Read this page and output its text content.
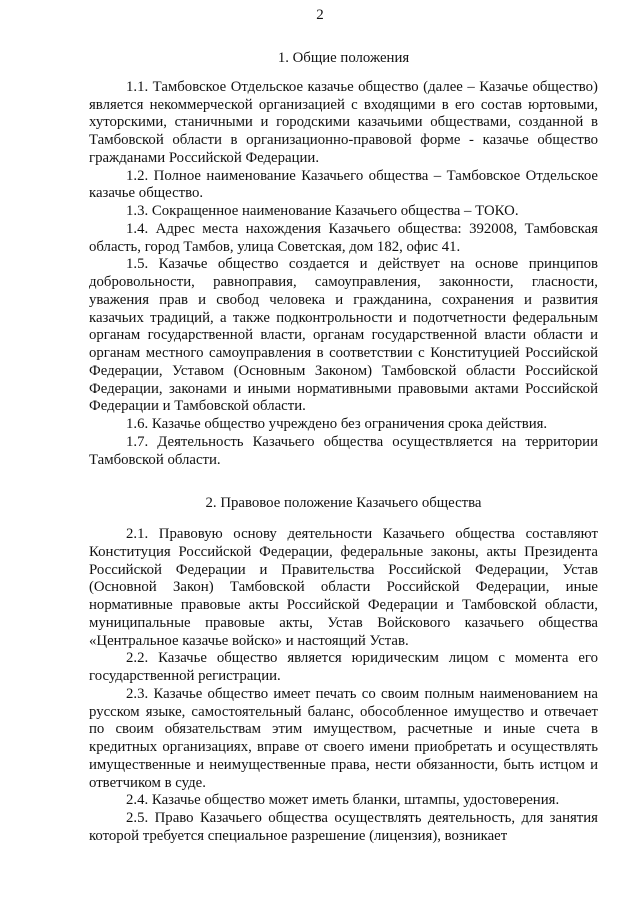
2

1. Общие положения

1.1. Тамбовское Отдельское казачье общество (далее – Казачье общество) является некоммерческой организацией с входящими в его состав юртовыми, хуторскими, станичными и городскими казачьими обществами, созданной в Тамбовской области в организационно-правовой форме - казачье общество гражданами Российской Федерации.

1.2. Полное наименование Казачьего общества – Тамбовское Отдельское казачье общество.

1.3. Сокращенное наименование Казачьего общества – ТОКО.

1.4. Адрес места нахождения Казачьего общества: 392008, Тамбовская область, город Тамбов, улица Советская, дом 182, офис 41.

1.5. Казачье общество создается и действует на основе принципов добровольности, равноправия, самоуправления, законности, гласности, уважения прав и свобод человека и гражданина, сохранения и развития казачьих традиций, а также подконтрольности и подотчетности федеральным органам государственной власти, органам государственной власти области и органам местного самоуправления в соответствии с Конституцией Российской Федерации, Уставом (Основным Законом) Тамбовской области Российской Федерации, законами и иными нормативными правовыми актами Российской Федерации и Тамбовской области.

1.6. Казачье общество учреждено без ограничения срока действия.

1.7. Деятельность Казачьего общества осуществляется на территории Тамбовской области.

2. Правовое положение Казачьего общества

2.1. Правовую основу деятельности Казачьего общества составляют Конституция Российской Федерации, федеральные законы, акты Президента Российской Федерации и Правительства Российской Федерации, Устав (Основной Закон) Тамбовской области Российской Федерации, иные нормативные правовые акты Российской Федерации и Тамбовской области, муниципальные правовые акты, Устав Войскового казачьего общества «Центральное казачье войско» и настоящий Устав.

2.2. Казачье общество является юридическим лицом с момента его государственной регистрации.

2.3. Казачье общество имеет печать со своим полным наименованием на русском языке, самостоятельный баланс, обособленное имущество и отвечает по своим обязательствам этим имуществом, расчетные и иные счета в кредитных организациях, вправе от своего имени приобретать и осуществлять имущественные и неимущественные права, нести обязанности, быть истцом и ответчиком в суде.

2.4. Казачье общество может иметь бланки, штампы, удостоверения.

2.5. Право Казачьего общества осуществлять деятельность, для занятия которой требуется специальное разрешение (лицензия), возникает
